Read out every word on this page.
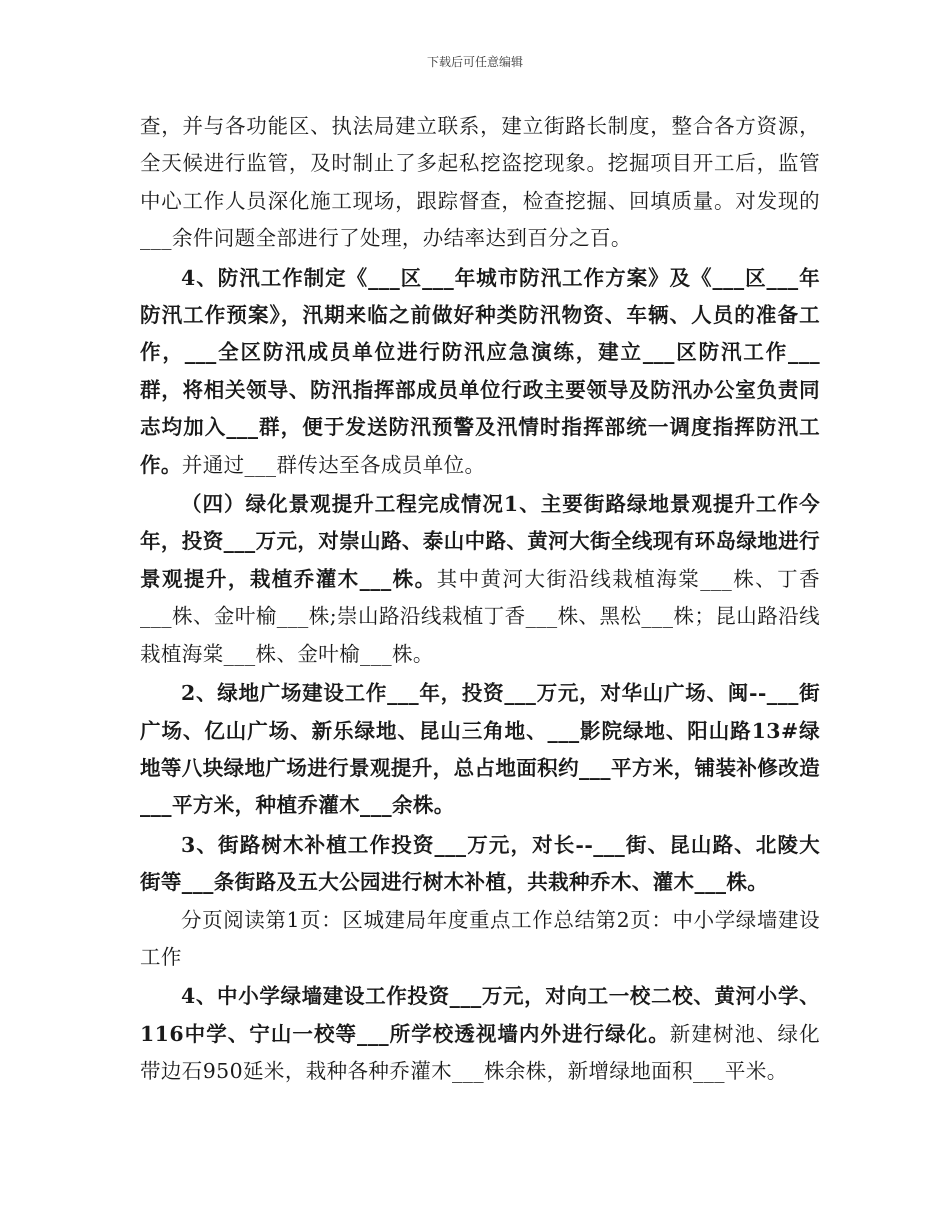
下载后可任意编辑

查，并与各功能区、执法局建立联系，建立街路长制度，整合各方资源，全天候进行监管，及时制止了多起私挖盗挖现象。挖掘项目开工后，监管中心工作人员深化施工现场，跟踪督查，检查挖掘、回填质量。对发现的___余件问题全部进行了处理，办结率达到百分之百。

4、防汛工作制定《___区___年城市防汛工作方案》及《___区___年防汛工作预案》，汛期来临之前做好种类防汛物资、车辆、人员的准备工作，___全区防汛成员单位进行防汛应急演练，建立___区防汛工作___群，将相关领导、防汛指挥部成员单位行政主要领导及防汛办公室负责同志均加入___群，便于发送防汛预警及汛情时指挥部统一调度指挥防汛工作。并通过___群传达至各成员单位。

（四）绿化景观提升工程完成情况1、主要街路绿地景观提升工作今年，投资___万元，对崇山路、泰山中路、黄河大街全线现有环岛绿地进行景观提升，栽植乔灌木___株。其中黄河大街沿线栽植海棠___株、丁香___株、金叶榆___株;崇山路沿线栽植丁香___株、黑松___株；昆山路沿线栽植海棠___株、金叶榆___株。

2、绿地广场建设工作___年，投资___万元，对华山广场、闽--___街广场、亿山广场、新乐绿地、昆山三角地、___影院绿地、阳山路13#绿地等八块绿地广场进行景观提升，总占地面积约___平方米，铺装补修改造___平方米，种植乔灌木___余株。

3、街路树木补植工作投资___万元，对长--___街、昆山路、北陵大街等___条街路及五大公园进行树木补植，共栽种乔木、灌木___株。

分页阅读第1页：区城建局年度重点工作总结第2页：中小学绿墙建设工作

4、中小学绿墙建设工作投资___万元，对向工一校二校、黄河小学、116中学、宁山一校等___所学校透视墙内外进行绿化。新建树池、绿化带边石950延米，栽种各种乔灌木___株余株，新增绿地面积___平米。
